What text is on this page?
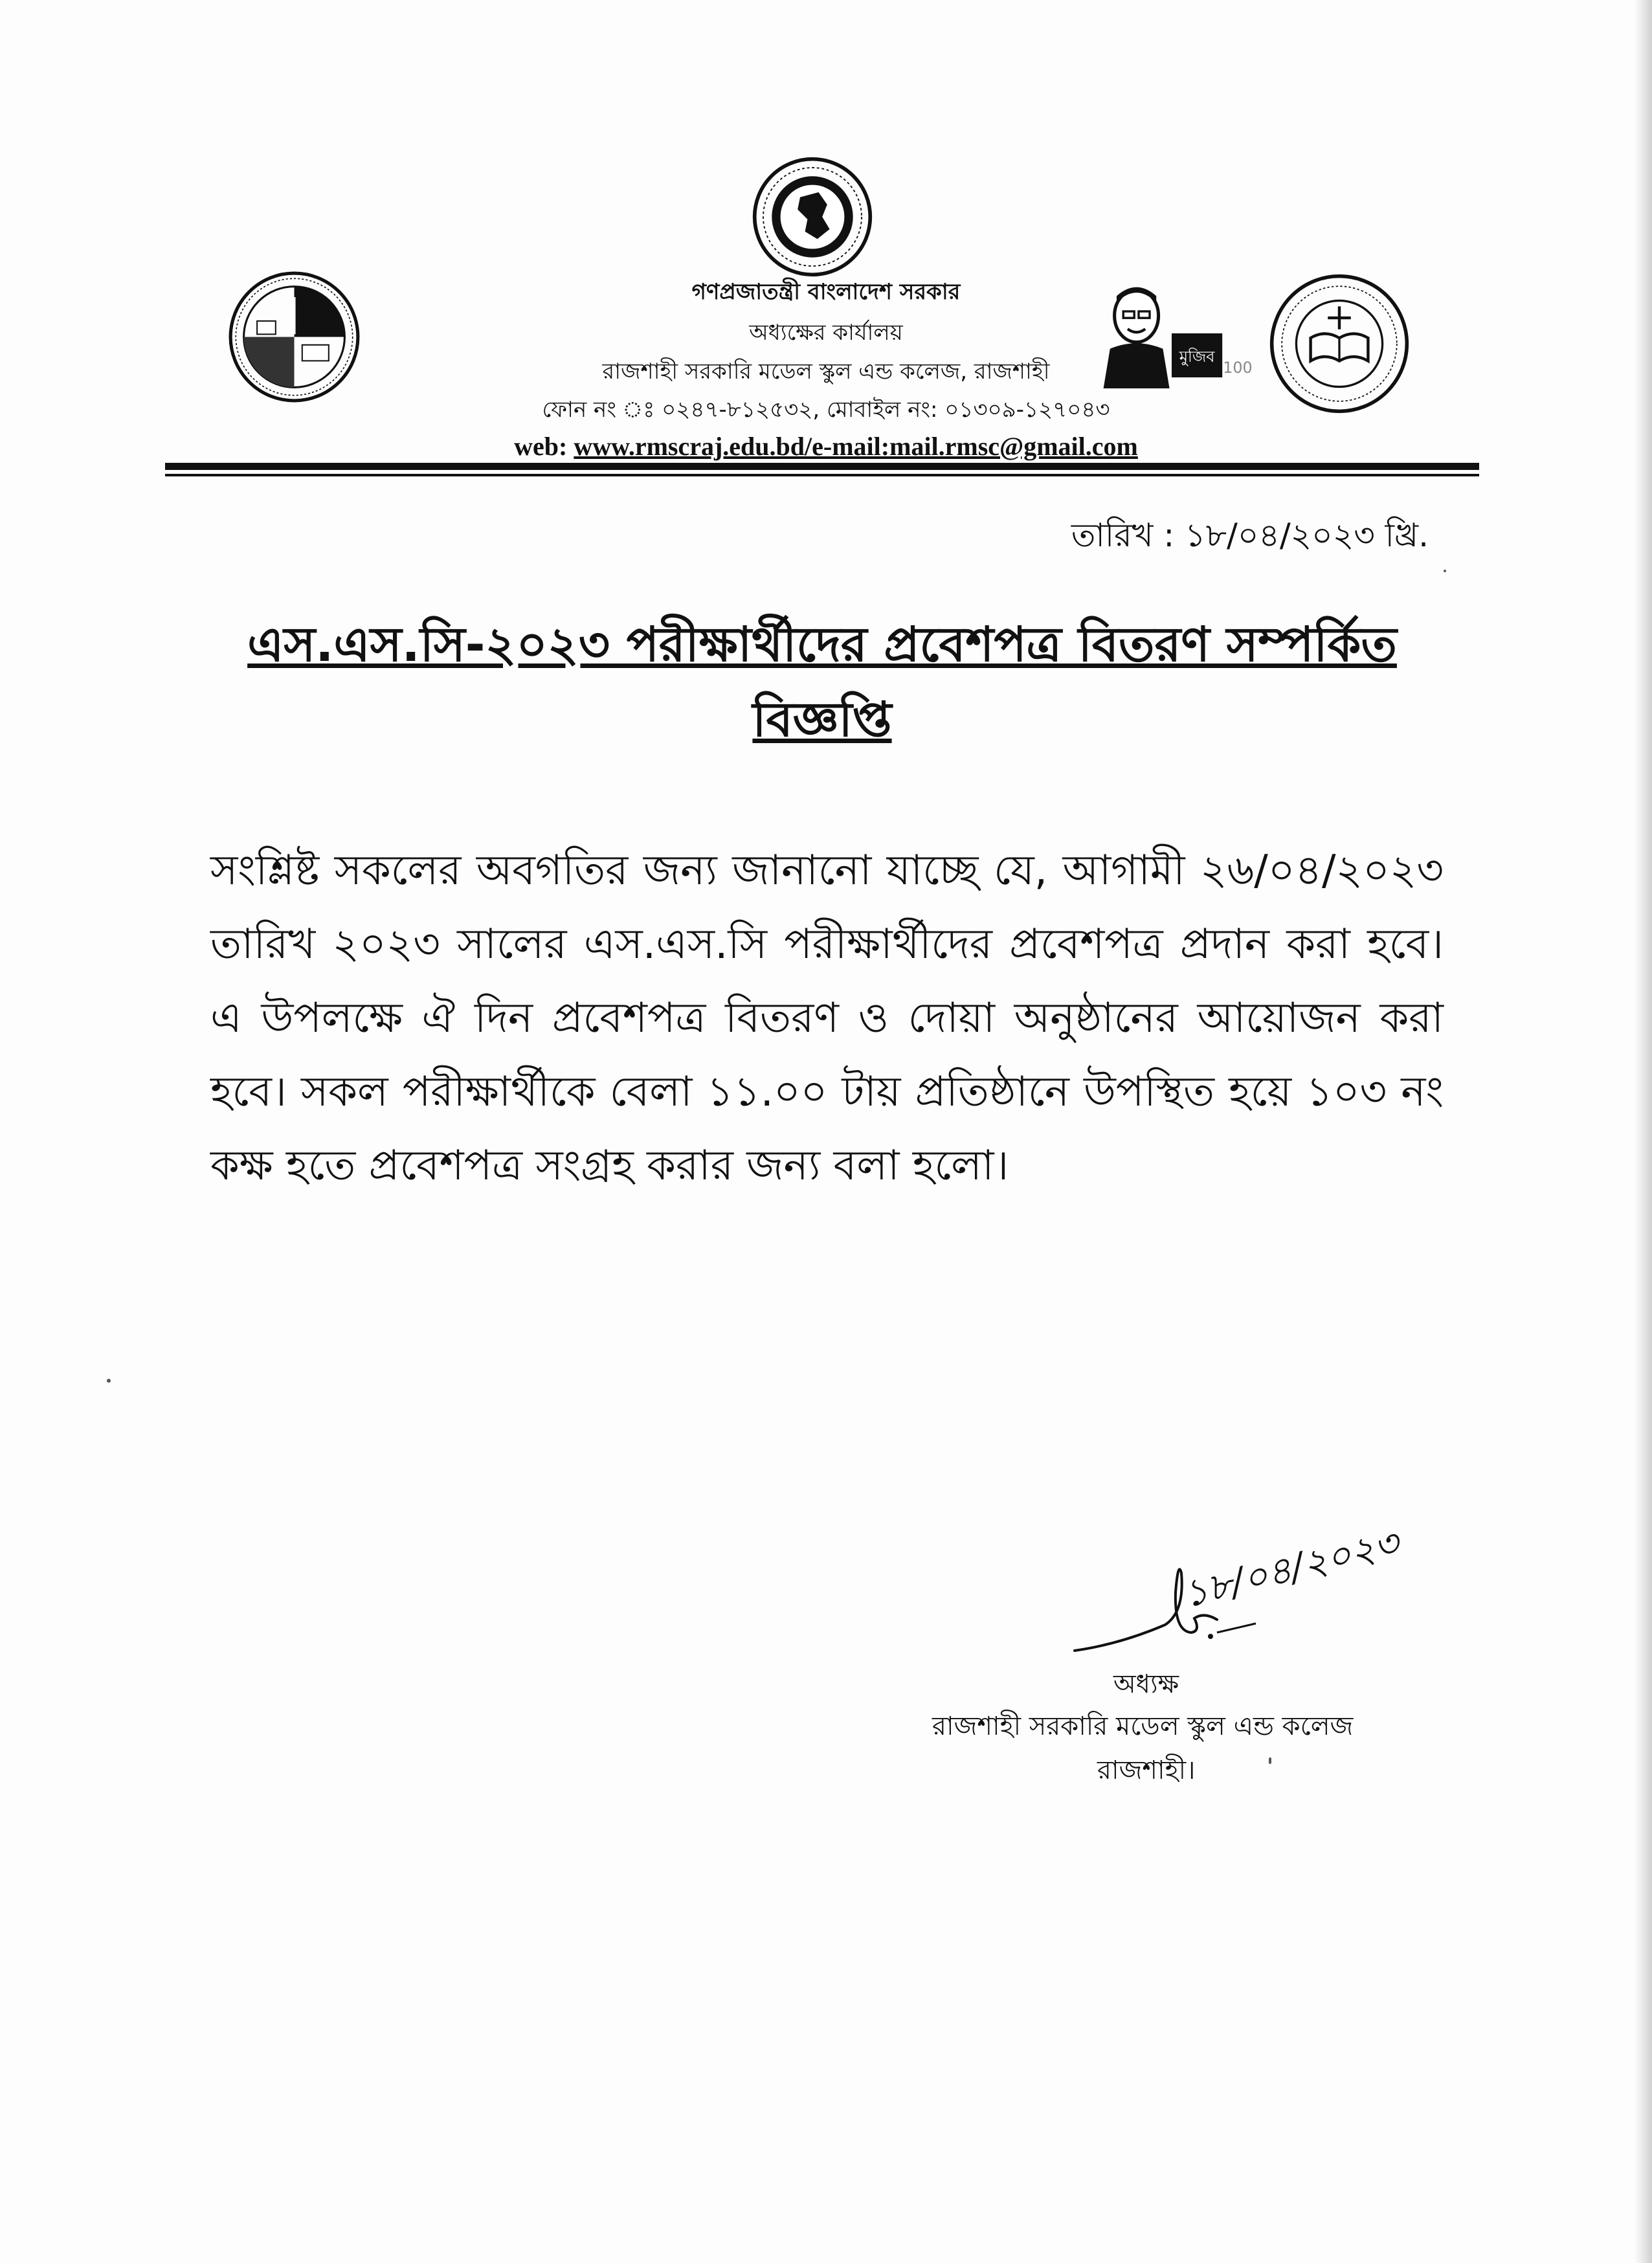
মুজিব
100
গণপ্রজাতন্ত্রী বাংলাদেশ সরকার
অধ্যক্ষের কার্যালয়
রাজশাহী সরকারি মডেল স্কুল এন্ড কলেজ, রাজশাহী
ফোন নং ঃ ০২৪৭-৮১২৫৩২, মোবাইল নং: ০১৩০৯-১২৭০৪৩
web: www.rmscraj.edu.bd/e-mail:mail.rmsc@gmail.com
তারিখ : ১৮/০৪/২০২৩ খ্রি.
এস.এস.সি-২০২৩ পরীক্ষার্থীদের প্রবেশপত্র বিতরণ সম্পর্কিত
বিজ্ঞপ্তি
সংশ্লিষ্ট সকলের অবগতির জন্য জানানো যাচ্ছে যে, আগামী ২৬/০৪/২০২৩ তারিখ ২০২৩ সালের এস.এস.সি পরীক্ষার্থীদের প্রবেশপত্র প্রদান করা হবে। এ উপলক্ষে ঐ দিন প্রবেশপত্র বিতরণ ও দোয়া অনুষ্ঠানের আয়োজন করা হবে। সকল পরীক্ষার্থীকে বেলা ১১.০০ টায় প্রতিষ্ঠানে উপস্থিত হয়ে ১০৩ নং কক্ষ হতে প্রবেশপত্র সংগ্রহ করার জন্য বলা হলো।
১৮/০৪/২০২৩
অধ্যক্ষ
রাজশাহী সরকারি মডেল স্কুল এন্ড কলেজ
রাজশাহী।
